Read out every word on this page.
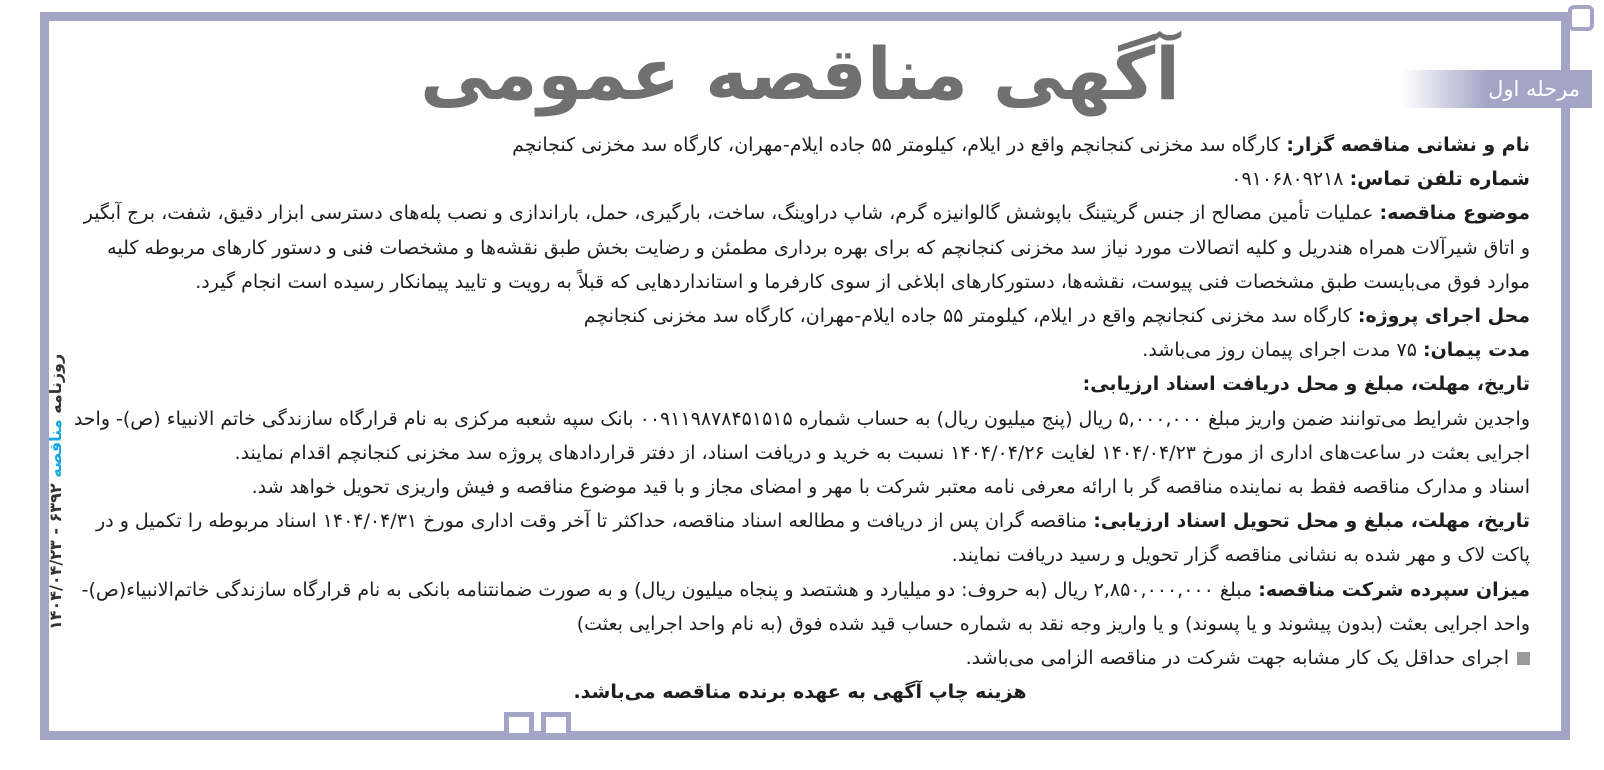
مرحله اول
آگهی مناقصه عمومی
روزنامه مناقصه ۶۳۹۲ - ۱۴۰۴/۰۴/۲۳

نام و نشانی مناقصه گزار: کارگاه سد مخزنی کنجانچم واقع در ایلام، کیلومتر ۵۵ جاده ایلام-مهران، کارگاه سد مخزنی کنجانچم

شماره تلفن تماس: ۰۹۱۰۶۸۰۹۲۱۸

موضوع مناقصه: عملیات تأمین مصالح از جنس گریتینگ باپوشش گالوانیزه گرم، شاپ دراوینگ، ساخت، بارگیری، حمل، باراندازی و نصب پله‌های دسترسی ابزار دقیق، شفت، برج آبگیر و اتاق شیرآلات همراه هندریل و کلیه اتصالات مورد نیاز سد مخزنی کنجانچم که برای بهره برداری مطمئن و رضایت بخش طبق نقشه‌ها و مشخصات فنی و دستور کارهای مربوطه کلیه موارد فوق می‌بایست طبق مشخصات فنی پیوست، نقشه‌ها، دستورکارهای ابلاغی از سوی کارفرما و استانداردهایی که قبلاً به رویت و تایید پیمانکار رسیده است انجام گیرد.

محل اجرای پروژه: کارگاه سد مخزنی کنجانچم واقع در ایلام، کیلومتر ۵۵ جاده ایلام-مهران، کارگاه سد مخزنی کنجانچم

مدت پیمان: ۷۵ مدت اجرای پیمان روز می‌باشد.

تاریخ، مهلت، مبلغ و محل دریافت اسناد ارزیابی:

واجدین شرایط می‌توانند ضمن واریز مبلغ ۵,۰۰۰,۰۰۰ ریال (پنج میلیون ریال) به حساب شماره ۰۰۹۱۱۹۸۷۸۴۵۱۵۱۵ بانک سپه شعبه مرکزی به نام قرارگاه سازندگی خاتم الانبیاء (ص)- واحد اجرایی بعثت در ساعت‌های اداری از مورخ ۱۴۰۴/۰۴/۲۳ لغایت ۱۴۰۴/۰۴/۲۶ نسبت به خرید و دریافت اسناد، از دفتر قراردادهای پروژه سد مخزنی کنجانچم اقدام نمایند.

اسناد و مدارک مناقصه فقط به نماینده مناقصه گر با ارائه معرفی نامه معتبر شرکت با مهر و امضای مجاز و با قید موضوع مناقصه و فیش واریزی تحویل خواهد شد.

تاریخ، مهلت، مبلغ و محل تحویل اسناد ارزیابی: مناقصه گران پس از دریافت و مطالعه اسناد مناقصه، حداکثر تا آخر وقت اداری مورخ ۱۴۰۴/۰۴/۳۱ اسناد مربوطه را تکمیل و در پاکت لاک و مهر شده به نشانی مناقصه گزار تحویل و رسید دریافت نمایند.

میزان سپرده شرکت مناقصه: مبلغ ۲,۸۵۰,۰۰۰,۰۰۰ ریال (به حروف: دو میلیارد و هشتصد و پنجاه میلیون ریال) و به صورت ضمانتنامه بانکی به نام قرارگاه سازندگی خاتم‌الانبیاء(ص)-واحد اجرایی بعثت (بدون پیشوند و یا پسوند) و یا واریز وجه نقد به شماره حساب قید شده فوق (به نام واحد اجرایی بعثت)

اجرای حداقل یک کار مشابه جهت شرکت در مناقصه الزامی می‌باشد.

هزینه چاپ آگهی به عهده برنده مناقصه می‌باشد.
